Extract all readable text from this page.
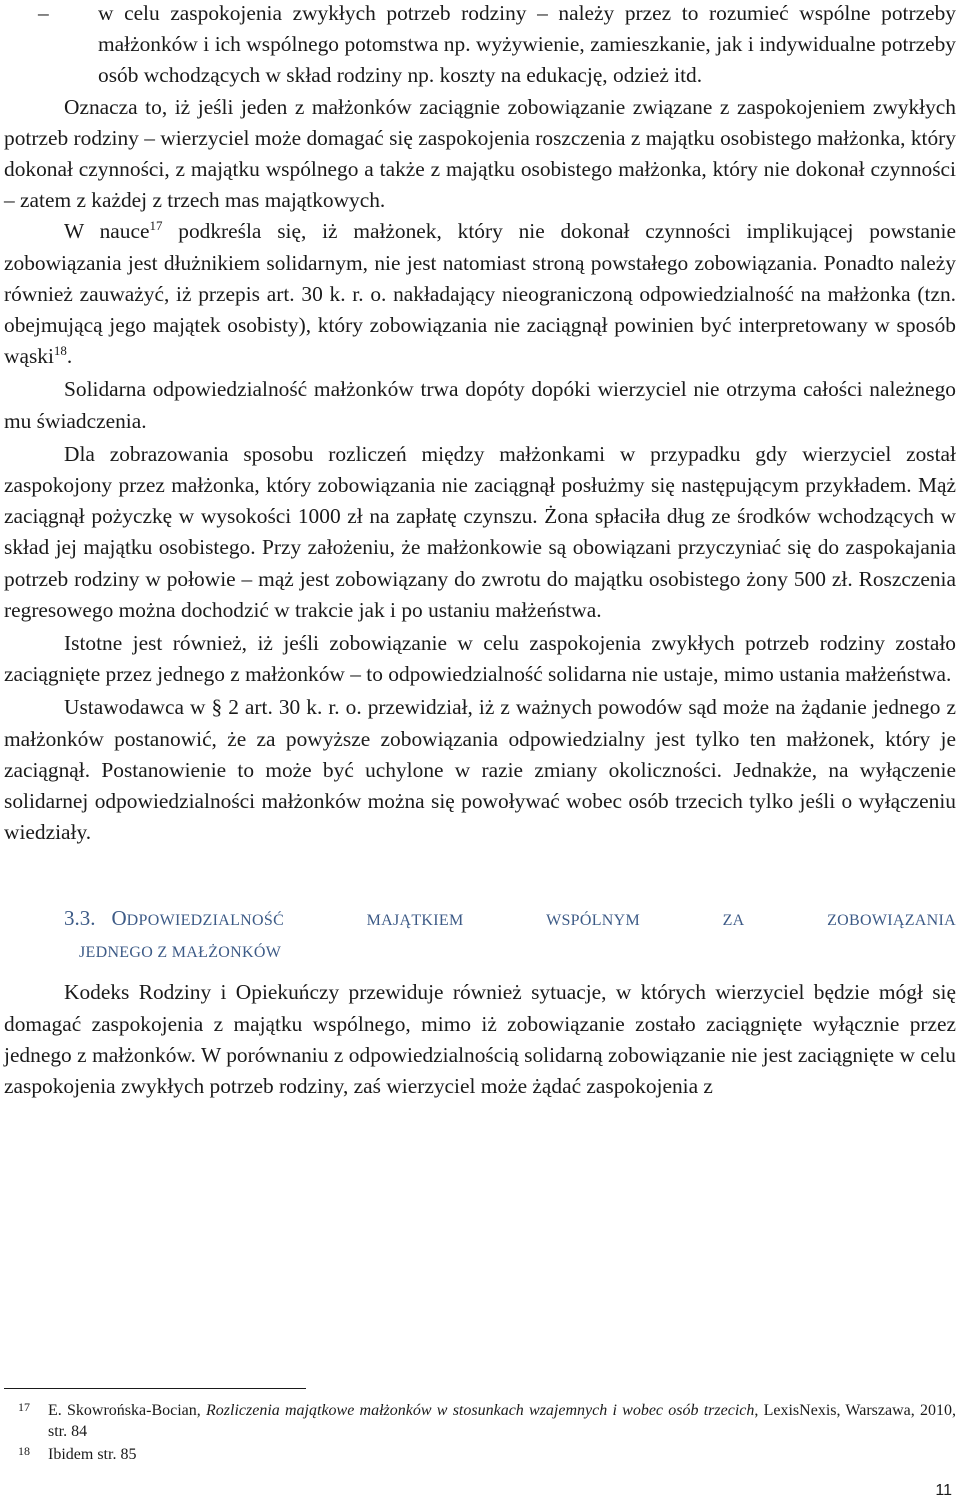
– w celu zaspokojenia zwykłych potrzeb rodziny – należy przez to rozumieć wspólne potrzeby małżonków i ich wspólnego potomstwa np. wyżywienie, zamieszkanie, jak i indywidualne potrzeby osób wchodzących w skład rodziny np. koszty na edukację, odzież itd.

Oznacza to, iż jeśli jeden z małżonków zaciągnie zobowiązanie związane z zaspokojeniem zwykłych potrzeb rodziny – wierzyciel może domagać się zaspokojenia roszczenia z majątku osobistego małżonka, który dokonał czynności, z majątku wspólnego a także z majątku osobistego małżonka, który nie dokonał czynności – zatem z każdej z trzech mas majątkowych.

W nauce$^{17}$ podkreśla się, iż małżonek, który nie dokonał czynności implikującej powstanie zobowiązania jest dłużnikiem solidarnym, nie jest natomiast stroną powstałego zobowiązania. Ponadto należy również zauważyć, iż przepis art. 30 k. r. o. nakładający nieograniczoną odpowiedzialność na małżonka (tzn. obejmującą jego majątek osobisty), który zobowiązania nie zaciągnął powinien być interpretowany w sposób wąski$^{18}$.

Solidarna odpowiedzialność małżonków trwa dopóty dopóki wierzyciel nie otrzyma całości należnego mu świadczenia.

Dla zobrazowania sposobu rozliczeń między małżonkami w przypadku gdy wierzyciel został zaspokojony przez małżonka, który zobowiązania nie zaciągnął posłużmy się następującym przykładem. Mąż zaciągnął pożyczkę w wysokości 1000 zł na zapłatę czynszu. Żona spłaciła dług ze środków wchodzących w skład jej majątku osobistego. Przy założeniu, że małżonkowie są obowiązani przyczyniać się do zaspokajania potrzeb rodziny w połowie – mąż jest zobowiązany do zwrotu do majątku osobistego żony 500 zł. Roszczenia regresowego można dochodzić w trakcie jak i po ustaniu małżeństwa.

Istotne jest również, iż jeśli zobowiązanie w celu zaspokojenia zwykłych potrzeb rodziny zostało zaciągnięte przez jednego z małżonków – to odpowiedzialność solidarna nie ustaje, mimo ustania małżeństwa.

Ustawodawca w § 2 art. 30 k. r. o. przewidział, iż z ważnych powodów sąd może na żądanie jednego z małżonków postanowić, że za powyższe zobowiązania odpowiedzialny jest tylko ten małżonek, który je zaciągnął. Postanowienie to może być uchylone w razie zmiany okoliczności. Jednakże, na wyłączenie solidarnej odpowiedzialności małżonków można się powoływać wobec osób trzecich tylko jeśli o wyłączeniu wiedziały.

3.3. ODPOWIEDZIALNOŚĆ	MAJĄTKIEM	WSPÓLNYM	ZA	ZOBOWIĄZANIA
JEDNEGO Z MAŁŻONKÓW

Kodeks Rodziny i Opiekuńczy przewiduje również sytuacje, w których wierzyciel będzie mógł się domagać zaspokojenia z majątku wspólnego, mimo iż zobowiązanie zostało zaciągnięte wyłącznie przez jednego z małżonków. W porównaniu z odpowiedzialnością solidarną zobowiązanie nie jest zaciągnięte w celu zaspokojenia zwykłych potrzeb rodziny, zaś wierzyciel może żądać zaspokojenia z

17 E. Skowrońska-Bocian, Rozliczenia majątkowe małżonków w stosunkach wzajemnych i wobec osób trzecich, LexisNexis, Warszawa, 2010, str. 84
18 Ibidem str. 85
11
